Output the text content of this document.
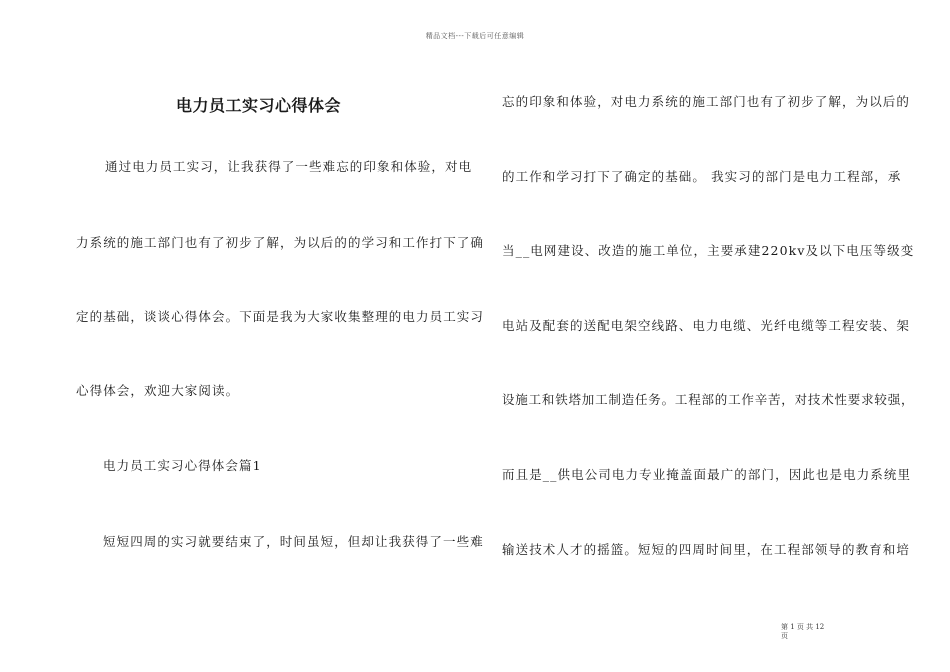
精品文档---下载后可任意编辑
电力员工实习心得体会
通过电力员工实习，让我获得了一些难忘的印象和体验，对电
力系统的施工部门也有了初步了解，为以后的的学习和工作打下了确
定的基础，谈谈心得体会。下面是我为大家收集整理的电力员工实习
心得体会，欢迎大家阅读。
电力员工实习心得体会篇1
短短四周的实习就要结束了，时间虽短，但却让我获得了一些难
忘的印象和体验，对电力系统的施工部门也有了初步了解，为以后的
的工作和学习打下了确定的基础。 我实习的部门是电力工程部，承
当__电网建设、改造的施工单位，主要承建220kv及以下电压等级变
电站及配套的送配电架空线路、电力电缆、光纤电缆等工程安装、架
设施工和铁塔加工制造任务。工程部的工作辛苦，对技术性要求较强，
而且是__供电公司电力专业掩盖面最广的部门，因此也是电力系统里
输送技术人才的摇篮。短短的四周时间里，在工程部领导的教育和培
第 1 页 共 12
页
